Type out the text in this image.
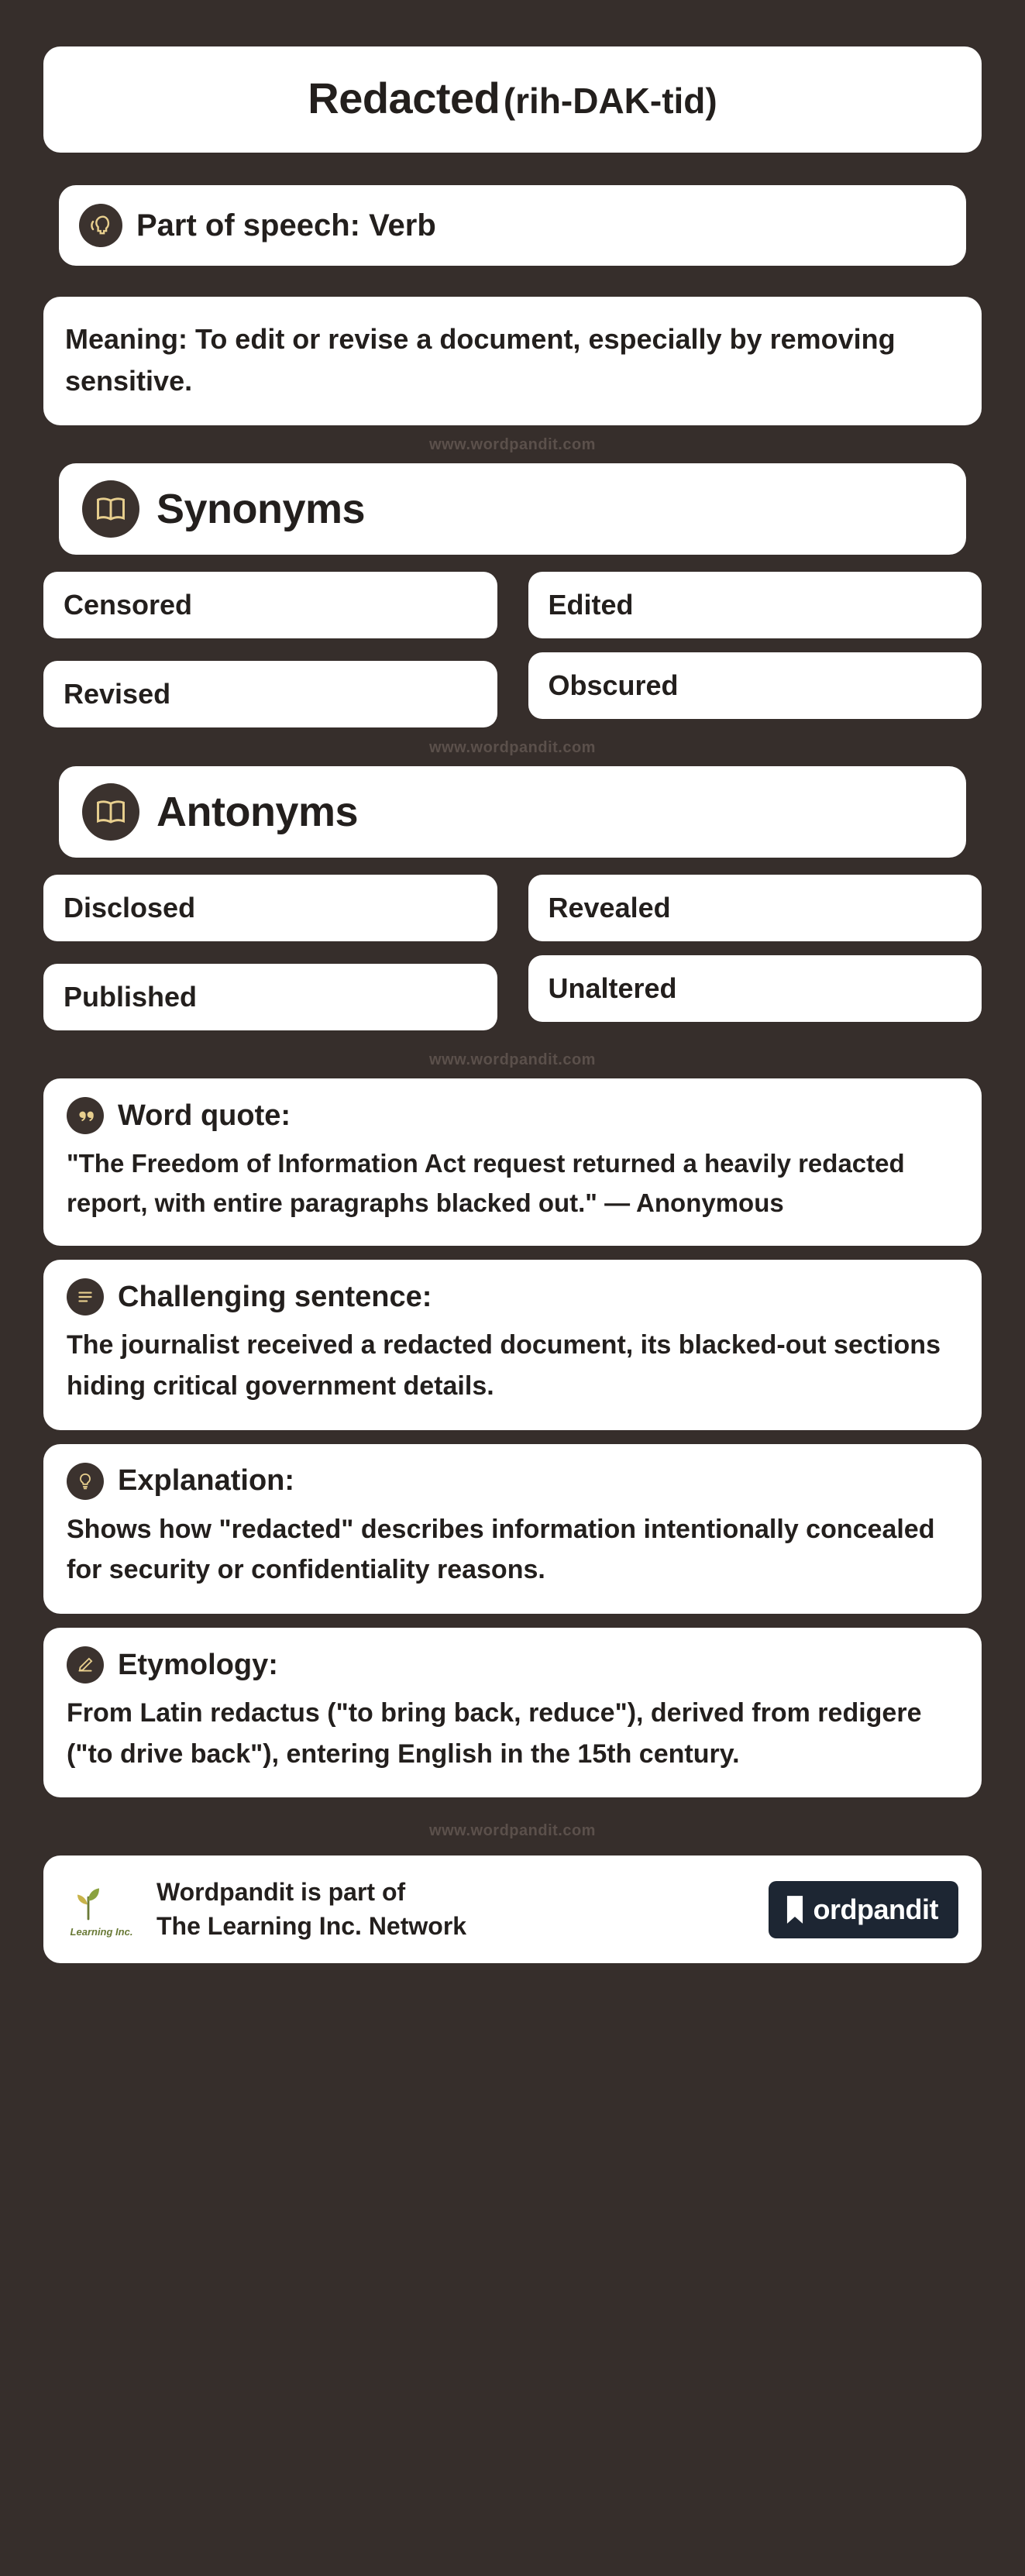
Redacted (rih-DAK-tid)
Part of speech: Verb
Meaning: To edit or revise a document, especially by removing sensitive.
www.wordpandit.com
Synonyms
Censored	Edited
Revised	Obscured
www.wordpandit.com
Antonyms
Disclosed	Revealed
Published	Unaltered
www.wordpandit.com
Word quote:
"The Freedom of Information Act request returned a heavily redacted report, with entire paragraphs blacked out." — Anonymous
Challenging sentence:
The journalist received a redacted document, its blacked-out sections hiding critical government details.
Explanation:
Shows how "redacted" describes information intentionally concealed for security or confidentiality reasons.
Etymology:
From Latin redactus ("to bring back, reduce"), derived from redigere ("to drive back"), entering English in the 15th century.
www.wordpandit.com
Learning Inc.
Wordpandit is part of
The Learning Inc. Network
ordpandit
